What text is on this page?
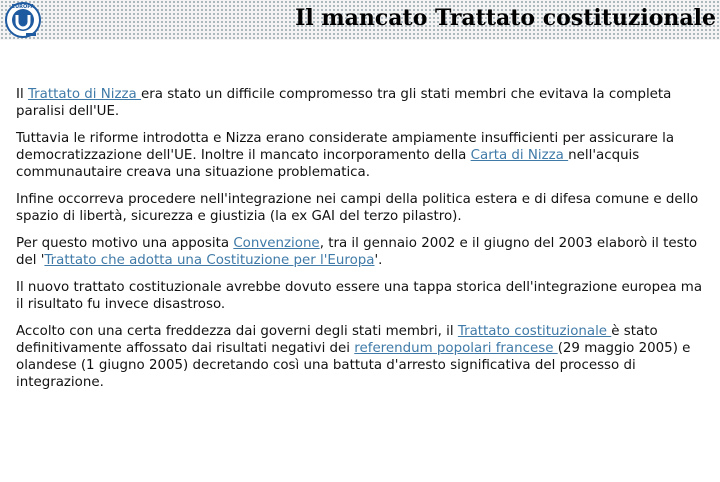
EUROPA	Il mancato Trattato costituzionale

Il Trattato di Nizza era stato un difficile compromesso tra gli stati membri che evitava la completa paralisi dell'UE.

Tuttavia le riforme introdotta e Nizza erano considerate ampiamente insufficienti per assicurare la democratizzazione dell'UE. Inoltre il mancato incorporamento della Carta di Nizza nell'acquis communautaire creava una situazione problematica.

Infine occorreva procedere nell'integrazione nei campi della politica estera e di difesa comune e dello spazio di libertà, sicurezza e giustizia (la ex GAI del terzo pilastro).

Per questo motivo una apposita Convenzione, tra il gennaio 2002 e il giugno del 2003 elaborò il testo del 'Trattato che adotta una Costituzione per l'Europa'.

Il nuovo trattato costituzionale avrebbe dovuto essere una tappa storica dell'integrazione europea ma il risultato fu invece disastroso.

Accolto con una certa freddezza dai governi degli stati membri, il Trattato costituzionale è stato definitivamente affossato dai risultati negativi dei referendum popolari francese (29 maggio 2005) e olandese (1 giugno 2005) decretando così una battuta d'arresto significativa del processo di integrazione.
